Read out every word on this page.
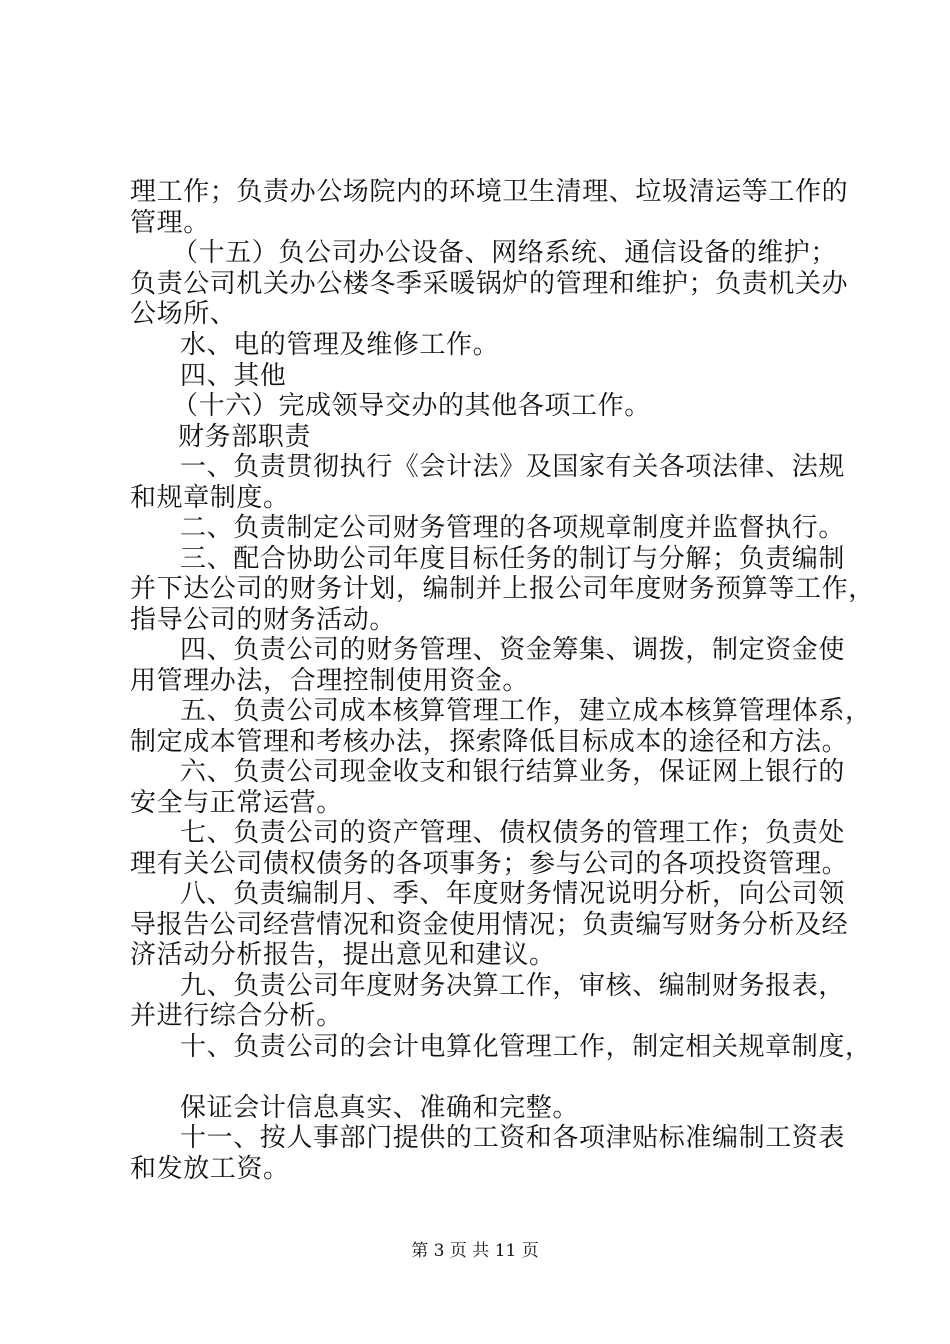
理工作；负责办公场院内的环境卫生清理、垃圾清运等工作的
管理。
（十五）负公司办公设备、网络系统、通信设备的维护；
负责公司机关办公楼冬季采暖锅炉的管理和维护；负责机关办
公场所、
水、电的管理及维修工作。
四、其他
（十六）完成领导交办的其他各项工作。
财务部职责
一、负责贯彻执行《会计法》及国家有关各项法律、法规
和规章制度。
二、负责制定公司财务管理的各项规章制度并监督执行。
三、配合协助公司年度目标任务的制订与分解；负责编制
并下达公司的财务计划，编制并上报公司年度财务预算等工作，
指导公司的财务活动。
四、负责公司的财务管理、资金筹集、调拨，制定资金使
用管理办法，合理控制使用资金。
五、负责公司成本核算管理工作，建立成本核算管理体系，
制定成本管理和考核办法，探索降低目标成本的途径和方法。
六、负责公司现金收支和银行结算业务，保证网上银行的
安全与正常运营。
七、负责公司的资产管理、债权债务的管理工作；负责处
理有关公司债权债务的各项事务；参与公司的各项投资管理。
八、负责编制月、季、年度财务情况说明分析，向公司领
导报告公司经营情况和资金使用情况；负责编写财务分析及经
济活动分析报告，提出意见和建议。
九、负责公司年度财务决算工作，审核、编制财务报表，
并进行综合分析。
十、负责公司的会计电算化管理工作，制定相关规章制度，
保证会计信息真实、准确和完整。
十一、按人事部门提供的工资和各项津贴标准编制工资表
和发放工资。
第 3 页 共 11 页
